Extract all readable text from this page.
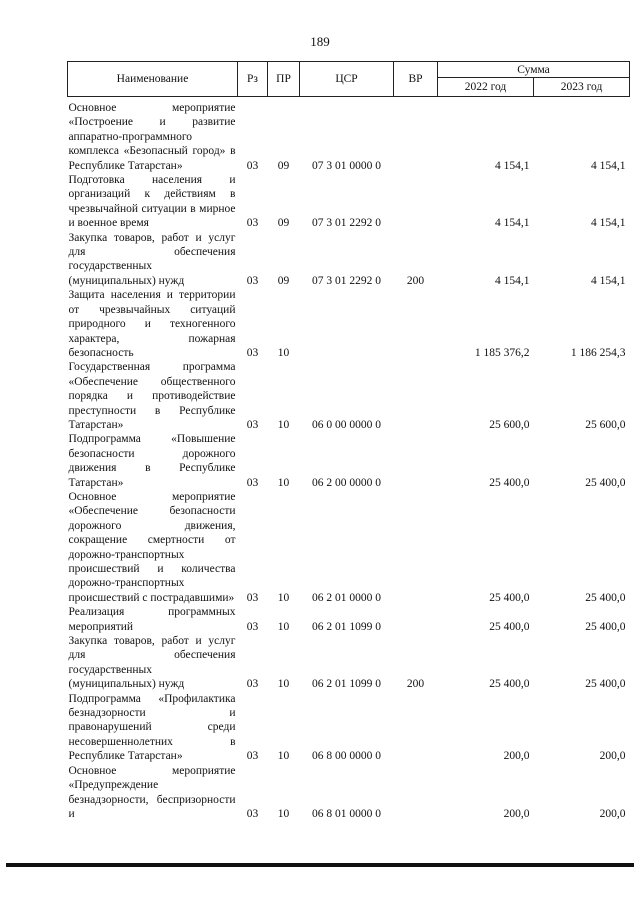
189
Наименование	Рз	ПР	ЦСР	ВР	Сумма	
					2022 год	2023 год

Основное мероприятие «Построение и развитие аппаратно-программного комплекса «Безопасный город» в Республике Татарстан»	03	09	07 3 01 0000 0		4 154,1	4 154,1
Подготовка населения и организаций к действиям в чрезвычайной ситуации в мирное и военное время	03	09	07 3 01 2292 0		4 154,1	4 154,1
Закупка товаров, работ и услуг для обеспечения государственных (муниципальных) нужд	03	09	07 3 01 2292 0	200	4 154,1	4 154,1
Защита населения и территории от чрезвычайных ситуаций природного и техногенного характера, пожарная безопасность	03	10			1 185 376,2	1 186 254,3
Государственная программа «Обеспечение общественного порядка и противодействие преступности в Республике Татарстан»	03	10	06 0 00 0000 0		25 600,0	25 600,0
Подпрограмма «Повышение безопасности дорожного движения в Республике Татарстан»	03	10	06 2 00 0000 0		25 400,0	25 400,0
Основное мероприятие «Обеспечение безопасности дорожного движения, сокращение смертности от дорожно-транспортных происшествий и количества дорожно-транспортных происшествий с пострадавшими»	03	10	06 2 01 0000 0		25 400,0	25 400,0
Реализация программных мероприятий	03	10	06 2 01 1099 0		25 400,0	25 400,0
Закупка товаров, работ и услуг для обеспечения государственных (муниципальных) нужд	03	10	06 2 01 1099 0	200	25 400,0	25 400,0
Подпрограмма «Профилактика безнадзорности и правонарушений среди несовершеннолетних в Республике Татарстан»	03	10	06 8 00 0000 0		200,0	200,0
Основное мероприятие «Предупреждение безнадзорности, беспризорности и	03	10	06 8 01 0000 0		200,0	200,0
